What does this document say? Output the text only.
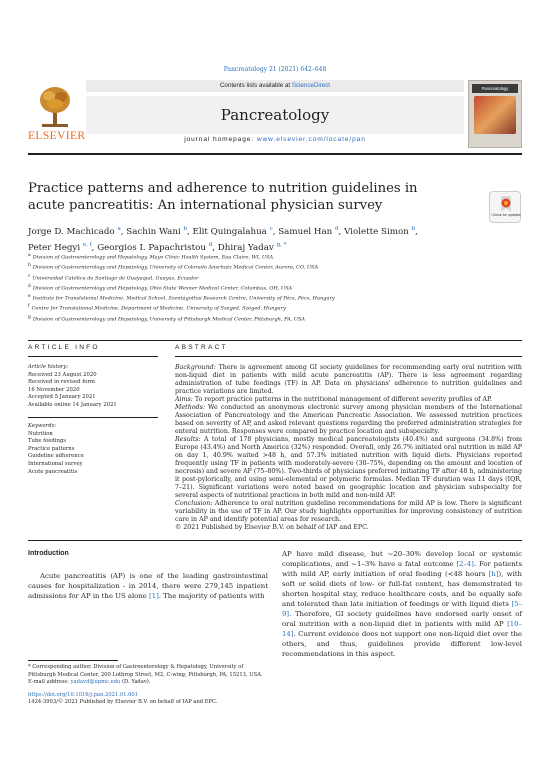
Pancreatology 21 (2021) 642–648
ELSEVIER
Contents lists available at ScienceDirect
Pancreatology
journal homepage: www.elsevier.com/locate/pan
Pancreatology
Practice patterns and adherence to nutrition guidelines in acute pancreatitis: An international physician survey
Check for updates
Jorge D. Machicado $^a$, Sachin Wani $^b$, Elit Quingalahua $^c$, Samuel Han $^d$, Violette Simon $^b$,
Peter Hegyi $^{e, f}$, Georgios I. Papachristou $^d$, Dhiraj Yadav $^{g, *}$
a Division of Gastroenterology and Hepatology, Mayo Clinic Health System, Eau Claire, WI, USA
b Division of Gastroenterology and Hepatology, University of Colorado Anschutz Medical Center, Aurora, CO, USA
c Universidad Católica de Santiago de Guayaquil, Guayas, Ecuador
d Division of Gastroenterology and Hepatology, Ohio State Wexner Medical Center, Columbus, OH, USA
e Institute for Translational Medicine, Medical School, Szentágothai Research Centre, University of Pécs, Pécs, Hungary
f Centre for Translational Medicine, Department of Medicine, University of Szeged, Szeged, Hungary
g Division of Gastroenterology and Hepatology, University of Pittsburgh Medical Center, Pittsburgh, PA, USA
ARTICLE INFO	ABSTRACT
Article history:
Received 23 August 2020
Received in revised form
16 November 2020
Accepted 5 January 2021
Available online 14 January 2021
Keywords:
Nutrition
Tube feedings
Practice patterns
Guideline adherence
International survey
Acute pancreatitis
Background: There is agreement among GI society guidelines for recommending early oral nutrition with non-liquid diet in patients with mild acute pancreatitis (AP). There is less agreement regarding administration of tube feedings (TF) in AP. Data on physicians' adherence to nutrition guidelines and practice variations are limited.
Aims: To report practice patterns in the nutritional management of different severity profiles of AP.
Methods: We conducted an anonymous electronic survey among physician members of the International Association of Pancreatology and the American Pancreatic Association. We assessed nutrition practices based on severity of AP, and asked relevant questions regarding the preferred administration strategies for enteral nutrition. Responses were compared by practice location and subspecialty.
Results: A total of 178 physicians, mostly medical pancreatologists (40.4%) and surgeons (34.8%) from Europe (43.4%) and North America (32%) responded. Overall, only 26.7% initiated oral nutrition in mild AP on day 1, 40.9% waited >48 h, and 57.3% initiated nutrition with liquid diets. Physicians reported frequently using TF in patients with moderately-severe (30–75%, depending on the amount and location of necrosis) and severe AP (75–80%). Two-thirds of physicians preferred initiating TF after 48 h, administering it post-pylorically, and using semi-elemental or polymeric formulas. Median TF duration was 11 days (IQR, 7–21). Significant variations were noted based on geographic location and physician subspecialty for several aspects of nutritional practices in both mild and non-mild AP.
Conclusion: Adherence to oral nutrition guideline recommendations for mild AP is low. There is significant variability in the use of TF in AP. Our study highlights opportunities for improving consistency of nutrition care in AP and identify potential areas for research.
© 2021 Published by Elsevier B.V. on behalf of IAP and EPC.
Introduction

Acute pancreatitis (AP) is one of the leading gastrointestinal causes for hospitalization - in 2014, there were 279,145 inpatient admissions for AP in the US alone [1]. The majority of patients with

AP have mild disease, but ~20–30% develop local or systemic complications, and ~1–3% have a fatal outcome [2–4]. For patients with mild AP, early initiation of oral feeding (<48 hours [h]), with soft or solid diets of low- or full-fat content, has demonstrated to shorten hospital stay, reduce healthcare costs, and be equally safe and tolerated than late initiation of feedings or with liquid diets [5–9]. Therefore, GI society guidelines have endorsed early onset of oral nutrition with a non-liquid diet in patients with mild AP [10–14]. Current evidence does not support one non-liquid diet over the others, and thus, guidelines provide different low-level recommendations in this aspect.
* Corresponding author. Division of Gastroenterology & Hepatology, University of Pittsburgh Medical Center, 200 Lothrop Street, M2, C-wing, Pittsburgh, PA, 15213, USA.
E-mail address: yadavd@upmc.edu (D. Yadav).
https://doi.org/10.1016/j.pan.2021.01.001
1424-3903/© 2021 Published by Elsevier B.V. on behalf of IAP and EPC.
